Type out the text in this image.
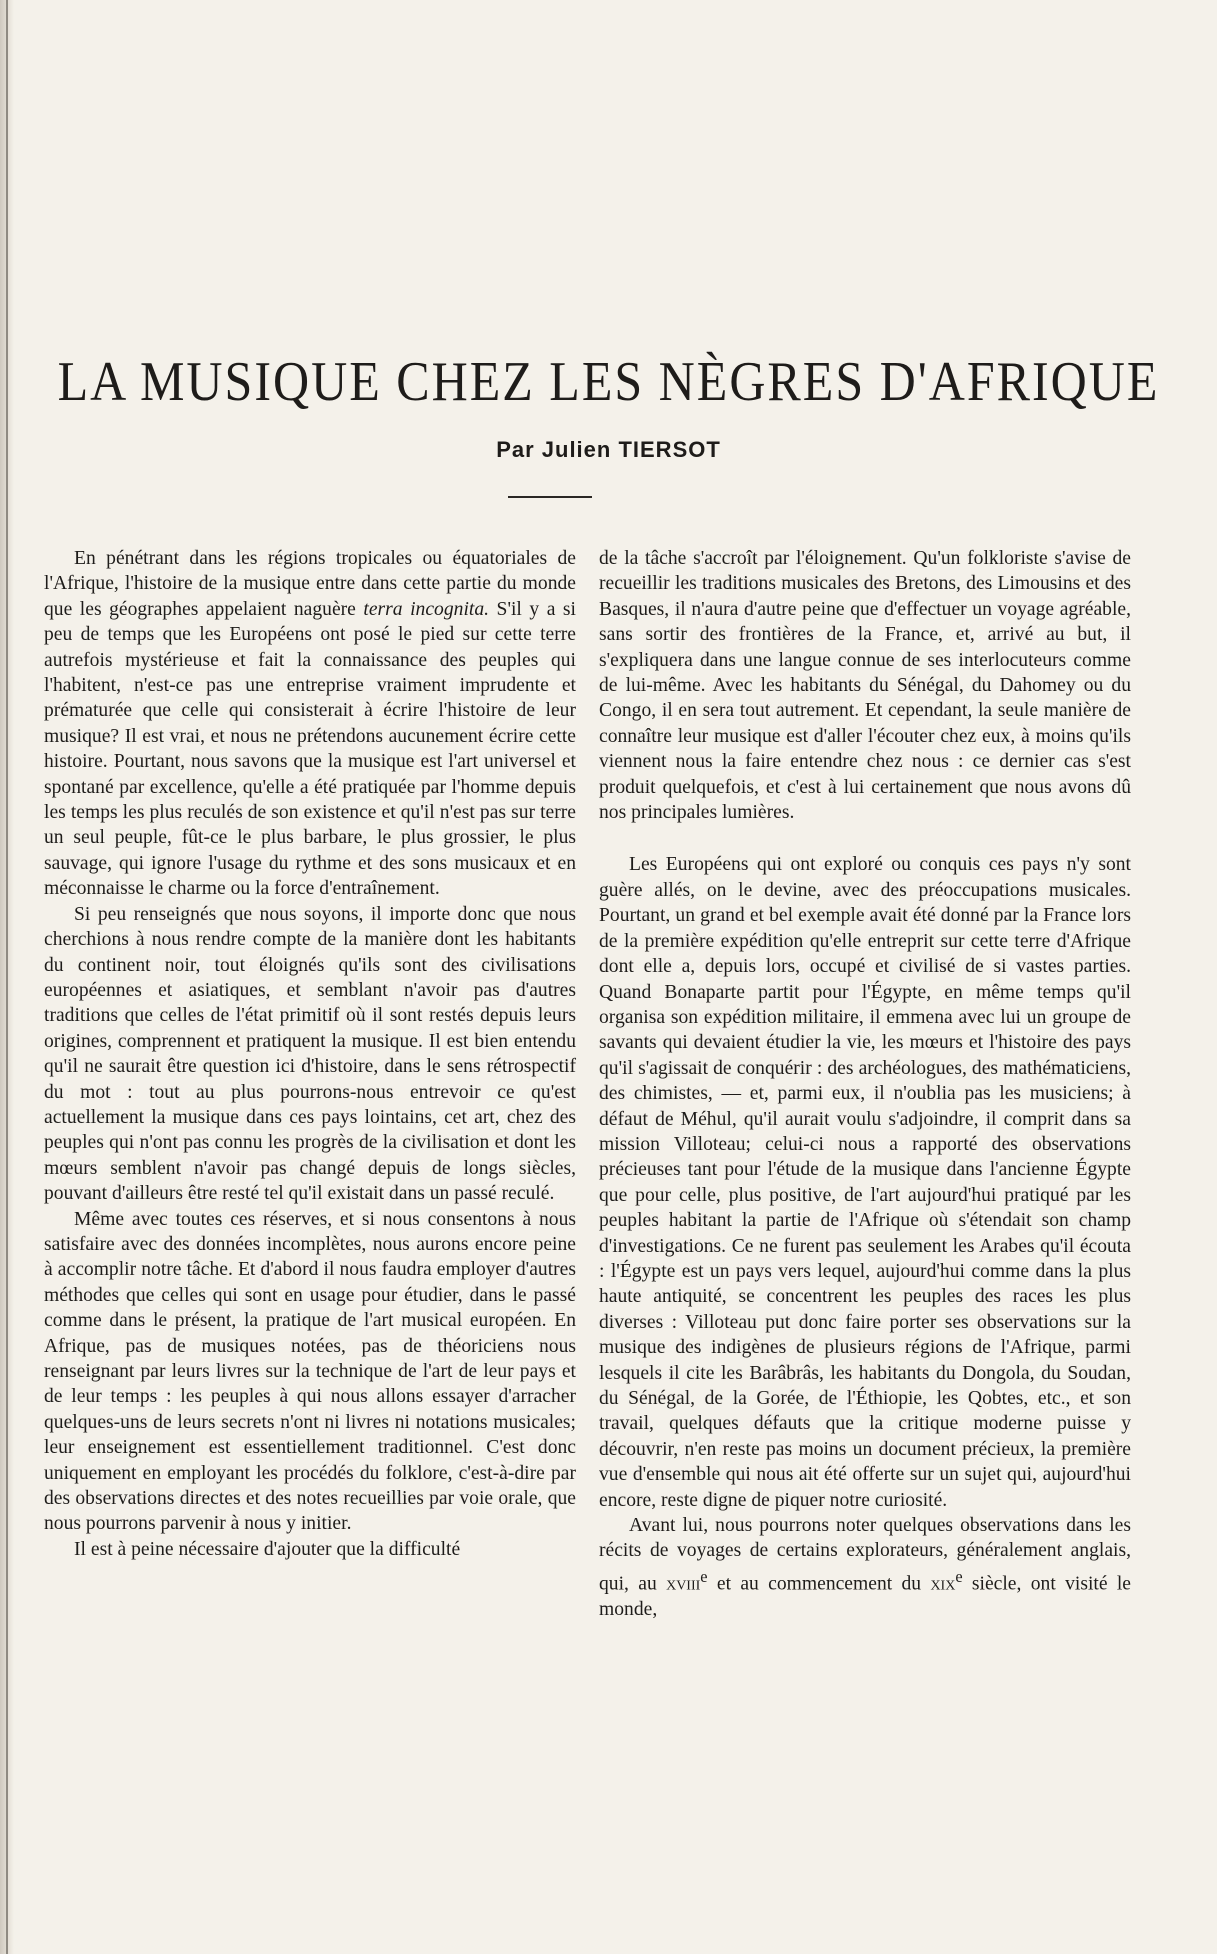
LA MUSIQUE CHEZ LES NÈGRES D'AFRIQUE
Par Julien TIERSOT

En pénétrant dans les régions tropicales ou équatoriales de l'Afrique, l'histoire de la musique entre dans cette partie du monde que les géographes appelaient naguère terra incognita. S'il y a si peu de temps que les Européens ont posé le pied sur cette terre autrefois mystérieuse et fait la connaissance des peuples qui l'habitent, n'est-ce pas une entreprise vraiment imprudente et prématurée que celle qui consisterait à écrire l'histoire de leur musique? Il est vrai, et nous ne prétendons aucunement écrire cette histoire. Pourtant, nous savons que la musique est l'art universel et spontané par excellence, qu'elle a été pratiquée par l'homme depuis les temps les plus reculés de son existence et qu'il n'est pas sur terre un seul peuple, fût-ce le plus barbare, le plus grossier, le plus sauvage, qui ignore l'usage du rythme et des sons musicaux et en méconnaisse le charme ou la force d'entraînement.

Si peu renseignés que nous soyons, il importe donc que nous cherchions à nous rendre compte de la manière dont les habitants du continent noir, tout éloignés qu'ils sont des civilisations européennes et asiatiques, et semblant n'avoir pas d'autres traditions que celles de l'état primitif où il sont restés depuis leurs origines, comprennent et pratiquent la musique. Il est bien entendu qu'il ne saurait être question ici d'histoire, dans le sens rétrospectif du mot : tout au plus pourrons-nous entrevoir ce qu'est actuellement la musique dans ces pays lointains, cet art, chez des peuples qui n'ont pas connu les progrès de la civilisation et dont les mœurs semblent n'avoir pas changé depuis de longs siècles, pouvant d'ailleurs être resté tel qu'il existait dans un passé reculé.

Même avec toutes ces réserves, et si nous consentons à nous satisfaire avec des données incomplètes, nous aurons encore peine à accomplir notre tâche. Et d'abord il nous faudra employer d'autres méthodes que celles qui sont en usage pour étudier, dans le passé comme dans le présent, la pratique de l'art musical européen. En Afrique, pas de musiques notées, pas de théoriciens nous renseignant par leurs livres sur la technique de l'art de leur pays et de leur temps : les peuples à qui nous allons essayer d'arracher quelques-uns de leurs secrets n'ont ni livres ni notations musicales; leur enseignement est essentiellement traditionnel. C'est donc uniquement en employant les procédés du folklore, c'est-à-dire par des observations directes et des notes recueillies par voie orale, que nous pourrons parvenir à nous y initier.

Il est à peine nécessaire d'ajouter que la difficulté

de la tâche s'accroît par l'éloignement. Qu'un folkloriste s'avise de recueillir les traditions musicales des Bretons, des Limousins et des Basques, il n'aura d'autre peine que d'effectuer un voyage agréable, sans sortir des frontières de la France, et, arrivé au but, il s'expliquera dans une langue connue de ses interlocuteurs comme de lui-même. Avec les habitants du Sénégal, du Dahomey ou du Congo, il en sera tout autrement. Et cependant, la seule manière de connaître leur musique est d'aller l'écouter chez eux, à moins qu'ils viennent nous la faire entendre chez nous : ce dernier cas s'est produit quelquefois, et c'est à lui certainement que nous avons dû nos principales lumières.

Les Européens qui ont exploré ou conquis ces pays n'y sont guère allés, on le devine, avec des préoccupations musicales. Pourtant, un grand et bel exemple avait été donné par la France lors de la première expédition qu'elle entreprit sur cette terre d'Afrique dont elle a, depuis lors, occupé et civilisé de si vastes parties. Quand Bonaparte partit pour l'Égypte, en même temps qu'il organisa son expédition militaire, il emmena avec lui un groupe de savants qui devaient étudier la vie, les mœurs et l'histoire des pays qu'il s'agissait de conquérir : des archéologues, des mathématiciens, des chimistes, — et, parmi eux, il n'oublia pas les musiciens; à défaut de Méhul, qu'il aurait voulu s'adjoindre, il comprit dans sa mission Villoteau; celui-ci nous a rapporté des observations précieuses tant pour l'étude de la musique dans l'ancienne Égypte que pour celle, plus positive, de l'art aujourd'hui pratiqué par les peuples habitant la partie de l'Afrique où s'étendait son champ d'investigations. Ce ne furent pas seulement les Arabes qu'il écouta : l'Égypte est un pays vers lequel, aujourd'hui comme dans la plus haute antiquité, se concentrent les peuples des races les plus diverses : Villoteau put donc faire porter ses observations sur la musique des indigènes de plusieurs régions de l'Afrique, parmi lesquels il cite les Barâbrâs, les habitants du Dongola, du Soudan, du Sénégal, de la Gorée, de l'Éthiopie, les Qobtes, etc., et son travail, quelques défauts que la critique moderne puisse y découvrir, n'en reste pas moins un document précieux, la première vue d'ensemble qui nous ait été offerte sur un sujet qui, aujourd'hui encore, reste digne de piquer notre curiosité.

Avant lui, nous pourrons noter quelques observations dans les récits de voyages de certains explorateurs, généralement anglais, qui, au xviii$^e$ et au commencement du xix$^e$ siècle, ont visité le monde,
